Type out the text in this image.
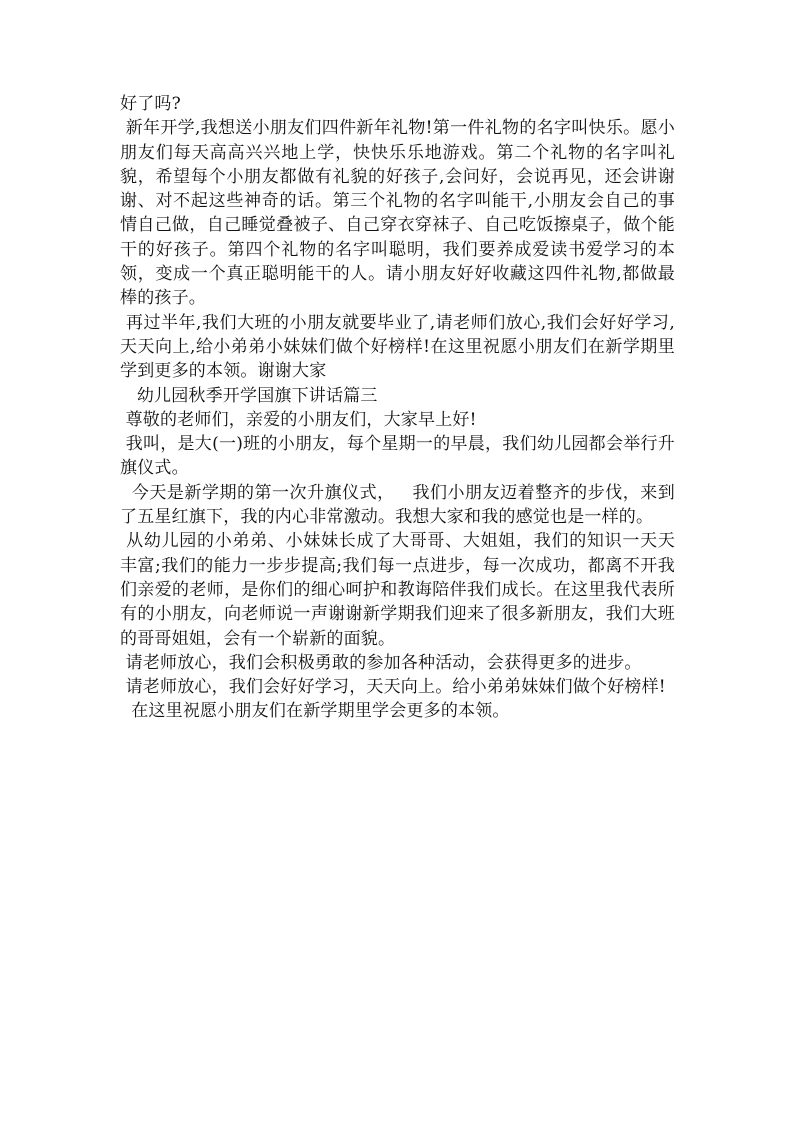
好了吗?

新年开学,我想送小朋友们四件新年礼物!第一件礼物的名字叫快乐。愿小朋友们每天高高兴兴地上学，快快乐乐地游戏。第二个礼物的名字叫礼貌，希望每个小朋友都做有礼貌的好孩子,会问好，会说再见，还会讲谢谢、对不起这些神奇的话。第三个礼物的名字叫能干,小朋友会自己的事情自己做，自己睡觉叠被子、自己穿衣穿袜子、自己吃饭擦桌子，做个能干的好孩子。第四个礼物的名字叫聪明，我们要养成爱读书爱学习的本领，变成一个真正聪明能干的人。请小朋友好好收藏这四件礼物,都做最棒的孩子。

再过半年,我们大班的小朋友就要毕业了,请老师们放心,我们会好好学习,天天向上,给小弟弟小妹妹们做个好榜样!在这里祝愿小朋友们在新学期里学到更多的本领。谢谢大家

幼儿园秋季开学国旗下讲话篇三

尊敬的老师们，亲爱的小朋友们，大家早上好!

我叫，是大(一)班的小朋友，每个星期一的早晨，我们幼儿园都会举行升旗仪式。

今天是新学期的第一次升旗仪式，   我们小朋友迈着整齐的步伐，来到了五星红旗下，我的内心非常激动。我想大家和我的感觉也是一样的。

从幼儿园的小弟弟、小妹妹长成了大哥哥、大姐姐，我们的知识一天天丰富;我们的能力一步步提高;我们每一点进步，每一次成功，都离不开我们亲爱的老师，是你们的细心呵护和教诲陪伴我们成长。在这里我代表所有的小朋友，向老师说一声谢谢新学期我们迎来了很多新朋友，我们大班的哥哥姐姐，会有一个崭新的面貌。

请老师放心，我们会积极勇敢的参加各种活动，会获得更多的进步。

请老师放心，我们会好好学习，天天向上。给小弟弟妹妹们做个好榜样!

在这里祝愿小朋友们在新学期里学会更多的本领。
